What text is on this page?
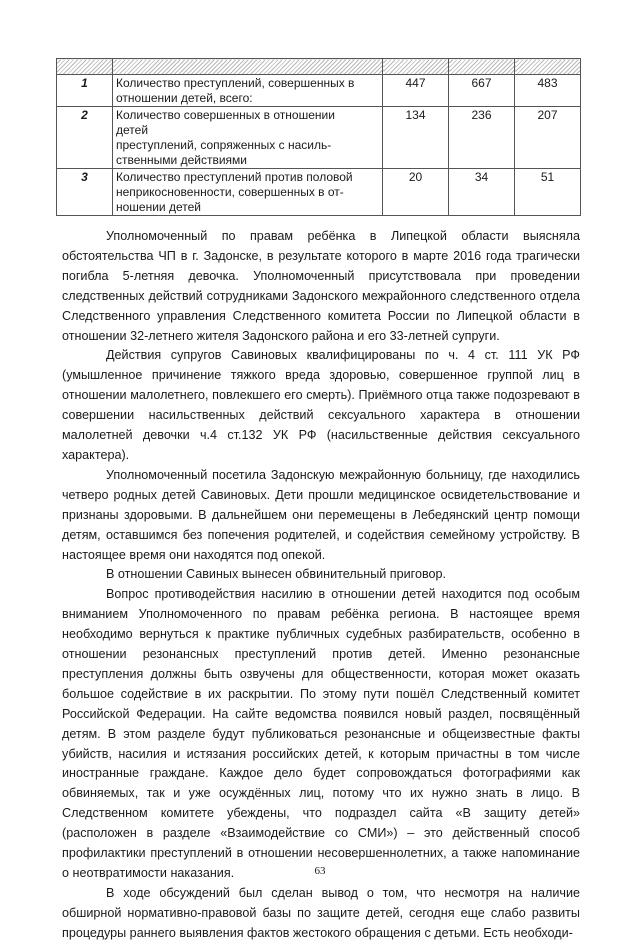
1	Количество преступлений, совершенных в
отношении детей, всего:	447	667	483
2	Количество совершенных в отношении
детей
преступлений, сопряженных с насиль-
ственными действиями	134	236	207
3	Количество преступлений против половой
неприкосновенности, совершенных в от-
ношении детей	20	34	51

Уполномоченный по правам ребёнка в Липецкой области выясняла обстоятельства ЧП в г. Задонске, в результате которого в марте 2016 года трагически погибла 5-летняя девочка. Уполномоченный присутствовала при проведении следственных действий сотрудниками Задонского межрайонного следственного отдела Следственного управления Следственного комитета России по Липецкой области в отношении 32-летнего жителя Задонского района и его 33-летней супруги.

Действия супругов Савиновых квалифицированы по ч. 4 ст. 111 УК РФ (умышленное причинение тяжкого вреда здоровью, совершенное группой лиц в отношении малолетнего, повлекшего его смерть). Приёмного отца также подозревают в совершении насильственных действий сексуального характера в отношении малолетней девочки ч.4 ст.132 УК РФ (насильственные действия сексуального характера).

Уполномоченный посетила Задонскую межрайонную больницу, где находились четверо родных детей Савиновых. Дети прошли медицинское освидетельствование и признаны здоровыми. В дальнейшем они перемещены в Лебедянский центр помощи детям, оставшимся без попечения родителей, и содействия семейному устройству. В настоящее время они находятся под опекой.

В отношении Савиных вынесен обвинительный приговор.

Вопрос противодействия насилию в отношении детей находится под особым вниманием Уполномоченного по правам ребёнка региона. В настоящее время необходимо вернуться к практике публичных судебных разбирательств, особенно в отношении резонансных преступлений против детей. Именно резонансные преступления должны быть озвучены для общественности, которая может оказать большое содействие в их раскрытии. По этому пути пошёл Следственный комитет Российской Федерации. На сайте ведомства появился новый раздел, посвящённый детям. В этом разделе будут публиковаться резонансные и общеизвестные факты убийств, насилия и истязания российских детей, к которым причастны в том числе иностранные граждане. Каждое дело будет сопровождаться фотографиями как обвиняемых, так и уже осуждённых лиц, потому что их нужно знать в лицо. В Следственном комитете убеждены, что подраздел сайта «В защиту детей» (расположен в разделе «Взаимодействие со СМИ») – это действенный способ профилактики преступлений в отношении несовершеннолетних, а также напоминание о неотвратимости наказания.

В ходе обсуждений был сделан вывод о том, что несмотря на наличие обширной нормативно-правовой базы по защите детей, сегодня еще слабо развиты процедуры раннего выявления фактов жестокого обращения с детьми. Есть необходи-

63
